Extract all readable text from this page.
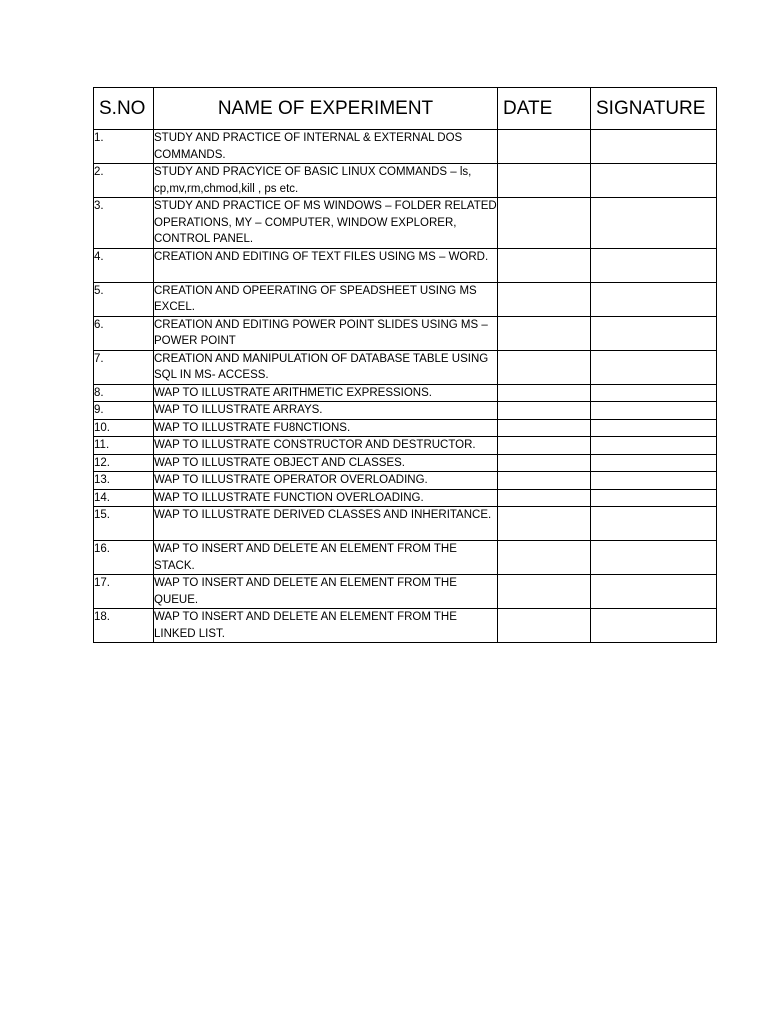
S.NO	NAME OF EXPERIMENT	DATE	SIGNATURE
1.	STUDY AND PRACTICE OF INTERNAL & EXTERNAL DOS COMMANDS.		
2.	STUDY AND PRACYICE OF BASIC LINUX COMMANDS – ls, cp,mv,rm,chmod,kill , ps etc.		
3.	STUDY AND PRACTICE OF MS WINDOWS – FOLDER RELATED OPERATIONS, MY – COMPUTER, WINDOW EXPLORER, CONTROL PANEL.		
4.	CREATION AND EDITING OF TEXT FILES USING MS – WORD.		
5.	CREATION AND OPEERATING OF SPEADSHEET USING MS EXCEL.		
6.	CREATION AND EDITING POWER POINT SLIDES USING MS – POWER POINT		
7.	CREATION AND MANIPULATION OF DATABASE TABLE USING SQL IN MS- ACCESS.		
8.	WAP TO ILLUSTRATE ARITHMETIC EXPRESSIONS.		
9.	WAP TO ILLUSTRATE ARRAYS.		
10.	WAP TO ILLUSTRATE FU8NCTIONS.		
11.	WAP TO ILLUSTRATE CONSTRUCTOR AND DESTRUCTOR.		
12.	WAP TO ILLUSTRATE OBJECT AND CLASSES.		
13.	WAP TO ILLUSTRATE OPERATOR OVERLOADING.		
14.	WAP TO ILLUSTRATE FUNCTION OVERLOADING.		
15.	WAP TO ILLUSTRATE DERIVED CLASSES AND INHERITANCE.		
16.	WAP TO INSERT AND DELETE AN ELEMENT FROM THE STACK.		
17.	WAP TO INSERT AND DELETE AN ELEMENT FROM THE QUEUE.		
18.	WAP TO INSERT AND DELETE AN ELEMENT FROM THE LINKED LIST.		
